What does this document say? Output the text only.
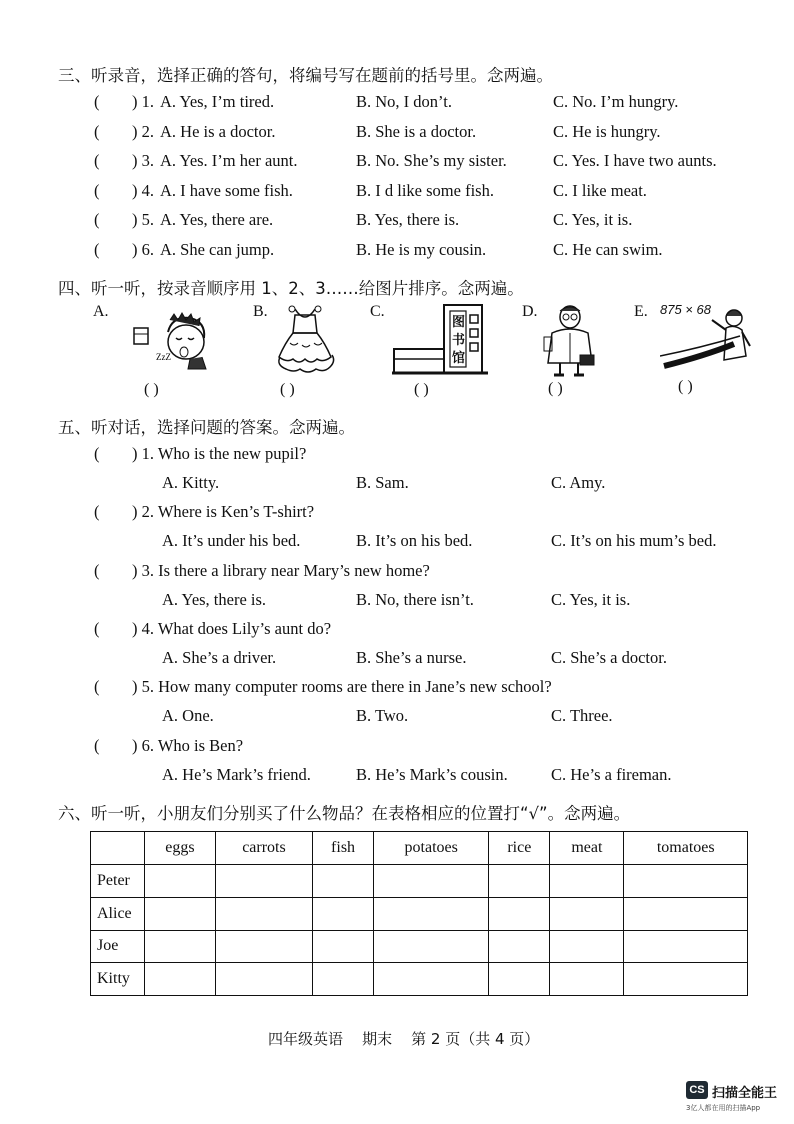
三、听录音，选择正确的答句，将编号写在题前的括号里。念两遍。
( ) 1. A. Yes, I’m tired.	B. No, I don’t.	C. No. I’m hungry.
( ) 2. A. He is a doctor.	B. She is a doctor.	C. He is hungry.
( ) 3. A. Yes. I’m her aunt.	B. No. She’s my sister.	C. Yes. I have two aunts.
( ) 4. A. I have some fish.	B. I d like some fish.	C. I like meat.
( ) 5. A. Yes, there are.	B. Yes, there is.	C. Yes, it is.
( ) 6. A. She can jump.	B. He is my cousin.	C. He can swim.
四、听一听，按录音顺序用 1、2、3……给图片排序。念两遍。
A.	B.	C.	D.	E.
ZzZ
图
书
馆
875 × 68
( )	( )	( )	( )	( )
五、听对话，选择问题的答案。念两遍。
( ) 1. Who is the new pupil?
A. Kitty.	B. Sam.	C. Amy.
( ) 2. Where is Ken’s T-shirt?
A. It’s under his bed.	B. It’s on his bed.	C. It’s on his mum’s bed.
( ) 3. Is there a library near Mary’s new home?
A. Yes, there is.	B. No, there isn’t.	C. Yes, it is.
( ) 4. What does Lily’s aunt do?
A. She’s a driver.	B. She’s a nurse.	C. She’s a doctor.
( ) 5. How many computer rooms are there in Jane’s new school?
A. One.	B. Two.	C. Three.
( ) 6. Who is Ben?
A. He’s Mark’s friend.	B. He’s Mark’s cousin.	C. He’s a fireman.
六、听一听，小朋友们分别买了什么物品？在表格相应的位置打“√”。念两遍。
	eggs	carrots	fish	potatoes	rice	meat	tomatoes
Peter							
Alice							
Joe							
Kitty							
四年级英语    期末    第 2 页（共 4 页）
CS 扫描全能王
3亿人都在用的扫描App
